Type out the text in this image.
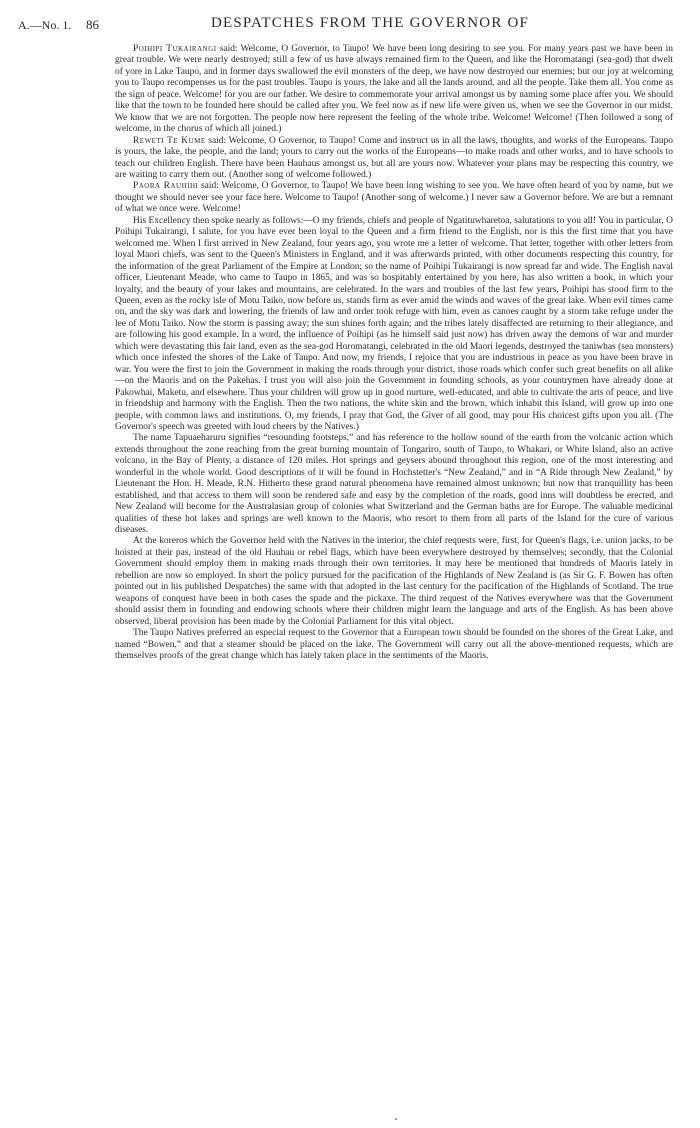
A.—No. 1. 86	DESPATCHES FROM THE GOVERNOR OF

Poihipi Tukairangi said: Welcome, O Governor, to Taupo! We have been long desiring to see you. For many years past we have been in great trouble. We were nearly destroyed; still a few of us have always remained firm to the Queen, and like the Horomatangi (sea-god) that dwelt of yore in Lake Taupo, and in former days swallowed the evil monsters of the deep, we have now destroyed our enemies; but our joy at welcoming you to Taupo recompenses us for the past troubles. Taupo is yours, the lake and all the lands around, and all the people. Take them all. You come as the sign of peace. Welcome! for you are our father. We desire to commemorate your arrival amongst us by naming some place after you. We should like that the town to be founded here should be called after you. We feel now as if new life were given us, when we see the Governor in our midst. We know that we are not forgotten. The people now here represent the feeling of the whole tribe. Welcome! Welcome! (Then followed a song of welcome, in the chorus of which all joined.)

Reweti Te Kume said: Welcome, O Governor, to Taupo! Come and instruct us in all the laws, thoughts, and works of the Europeans. Taupo is yours, the lake, the people, and the land; yours to carry out the works of the Europeans—to make roads and other works, and to have schools to teach our children English. There have been Hauhaus amongst us, but all are yours now. Whatever your plans may be respecting this country, we are waiting to carry them out. (Another song of welcome followed.)

Paora Rauhihi said: Welcome, O Governor, to Taupo! We have been long wishing to see you. We have often heard of you by name, but we thought we should never see your face here. Welcome to Taupo! (Another song of welcome.) I never saw a Governor before. We are but a remnant of what we once were. Welcome!

His Excellency then spoke nearly as follows:—O my friends, chiefs and people of Ngatituwharetoa, salutations to you all! You in particular, O Poihipi Tukairangi, I salute, for you have ever been loyal to the Queen and a firm friend to the English, nor is this the first time that you have welcomed me. When I first arrived in New Zealand, four years ago, you wrote me a letter of welcome. That letter, together with other letters from loyal Maori chiefs, was sent to the Queen's Ministers in England, and it was afterwards printed, with other documents respecting this country, for the information of the great Parliament of the Empire at London; so the name of Poihipi Tukairangi is now spread far and wide. The English naval officer, Lieutenant Meade, who came to Taupo in 1865, and was so hospitably entertained by you here, has also written a book, in which your loyalty, and the beauty of your lakes and mountains, are celebrated. In the wars and troubles of the last few years, Poihipi has stood firm to the Queen, even as the rocky isle of Motu Taiko, now before us, stands firm as ever amid the winds and waves of the great lake. When evil times came on, and the sky was dark and lowering, the friends of law and order took refuge with him, even as canoes caught by a storm take refuge under the lee of Motu Taiko. Now the storm is passing away; the sun shines forth again; and the tribes lately disaffected are returning to their allegiance, and are following his good example. In a word, the influence of Poihipi (as he himself said just now) has driven away the demons of war and murder which were devastating this fair land, even as the sea-god Horomatangi, celebrated in the old Maori legends, destroyed the taniwhas (sea monsters) which once infested the shores of the Lake of Taupo. And now, my friends, I rejoice that you are industrious in peace as you have been brave in war. You were the first to join the Government in making the roads through your district, those roads which confer such great benefits on all alike—on the Maoris and on the Pakehas. I trust you will also join the Government in founding schools, as your countrymen have already done at Pakowhai, Maketu, and elsewhere. Thus your children will grow up in good nurture, well-educated, and able to cultivate the arts of peace, and live in friendship and harmony with the English. Then the two nations, the white skin and the brown, which inhabit this Island, will grow up into one people, with common laws and institutions. O, my friends, I pray that God, the Giver of all good, may pour His choicest gifts upon you all. (The Governor's speech was greeted with loud cheers by the Natives.)

The name Tapuaeharuru signifies “resounding footsteps,” and has reference to the hollow sound of the earth from the volcanic action which extends throughout the zone reaching from the great burning mountain of Tongariro, south of Taupo, to Whakari, or White Island, also an active volcano, in the Bay of Plenty, a distance of 120 miles. Hot springs and geysers abound throughout this region, one of the most interesting and wonderful in the whole world. Good descriptions of it will be found in Hochstetter's “New Zealand,” and in “A Ride through New Zealand,” by Lieutenant the Hon. H. Meade, R.N. Hitherto these grand natural phenomena have remained almost unknown; but now that tranquillity has been established, and that access to them will soon be rendered safe and easy by the completion of the roads, good inns will doubtless be erected, and New Zealand will become for the Australasian group of colonies what Switzerland and the German baths are for Europe. The valuable medicinal qualities of these hot lakes and springs are well known to the Maoris, who resort to them from all parts of the Island for the cure of various diseases.

At the koreros which the Governor held with the Natives in the interior, the chief requests were, first, for Queen's flags, i.e. union jacks, to be hoisted at their pas, instead of the old Hauhau or rebel flags, which have been everywhere destroyed by themselves; secondly, that the Colonial Government should employ them in making roads through their own territories. It may here be mentioned that hundreds of Maoris lately in rebellion are now so employed. In short the policy pursued for the pacification of the Highlands of New Zealand is (as Sir G. F. Bowen has often pointed out in his published Despatches) the same with that adopted in the last century for the pacification of the Highlands of Scotland. The true weapons of conquest have been in both cases the spade and the pickaxe. The third request of the Natives everywhere was that the Government should assist them in founding and endowing schools where their children might learn the language and arts of the English. As has been above observed, liberal provision has been made by the Colonial Parliament for this vital object.

The Taupo Natives preferred an especial request to the Governor that a European town should be founded on the shores of the Great Lake, and named “Bowen,” and that a steamer should be placed on the lake. The Government will carry out all the above-mentioned requests, which are themselves proofs of the great change which has lately taken place in the sentiments of the Maoris.
